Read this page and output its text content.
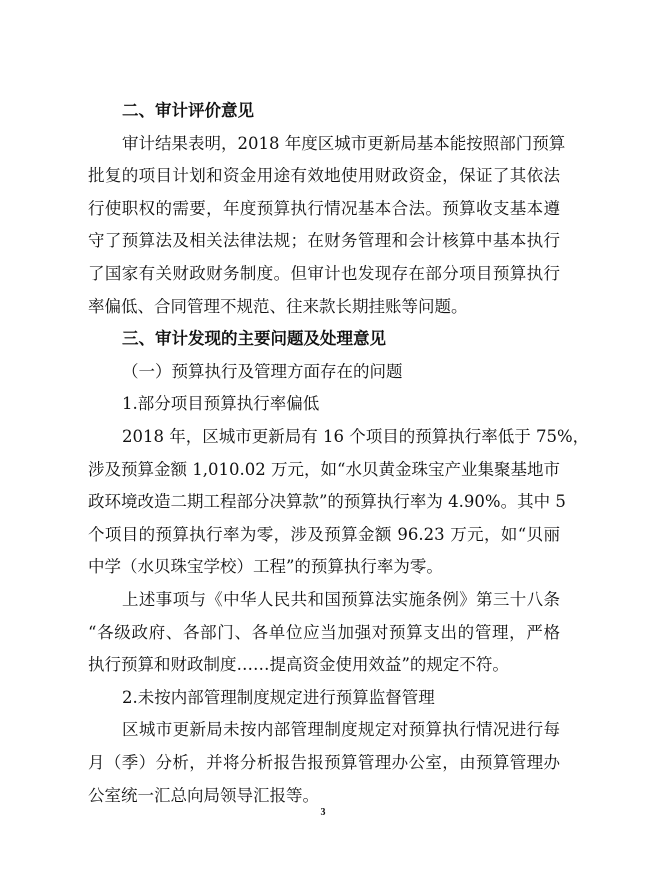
二、审计评价意见
审计结果表明，2018 年度区城市更新局基本能按照部门预算
批复的项目计划和资金用途有效地使用财政资金，保证了其依法
行使职权的需要，年度预算执行情况基本合法。预算收支基本遵
守了预算法及相关法律法规；在财务管理和会计核算中基本执行
了国家有关财政财务制度。但审计也发现存在部分项目预算执行
率偏低、合同管理不规范、往来款长期挂账等问题。
三、审计发现的主要问题及处理意见
（一）预算执行及管理方面存在的问题
1.部分项目预算执行率偏低
2018 年，区城市更新局有 16 个项目的预算执行率低于 75%，
涉及预算金额 1,010.02 万元，如“水贝黄金珠宝产业集聚基地市
政环境改造二期工程部分决算款”的预算执行率为 4.90%。其中 5
个项目的预算执行率为零，涉及预算金额 96.23 万元，如“贝丽
中学（水贝珠宝学校）工程”的预算执行率为零。
上述事项与《中华人民共和国预算法实施条例》第三十八条
“各级政府、各部门、各单位应当加强对预算支出的管理，严格
执行预算和财政制度……提高资金使用效益”的规定不符。
2.未按内部管理制度规定进行预算监督管理
3
区城市更新局未按内部管理制度规定对预算执行情况进行每
月（季）分析，并将分析报告报预算管理办公室，由预算管理办
公室统一汇总向局领导汇报等。
